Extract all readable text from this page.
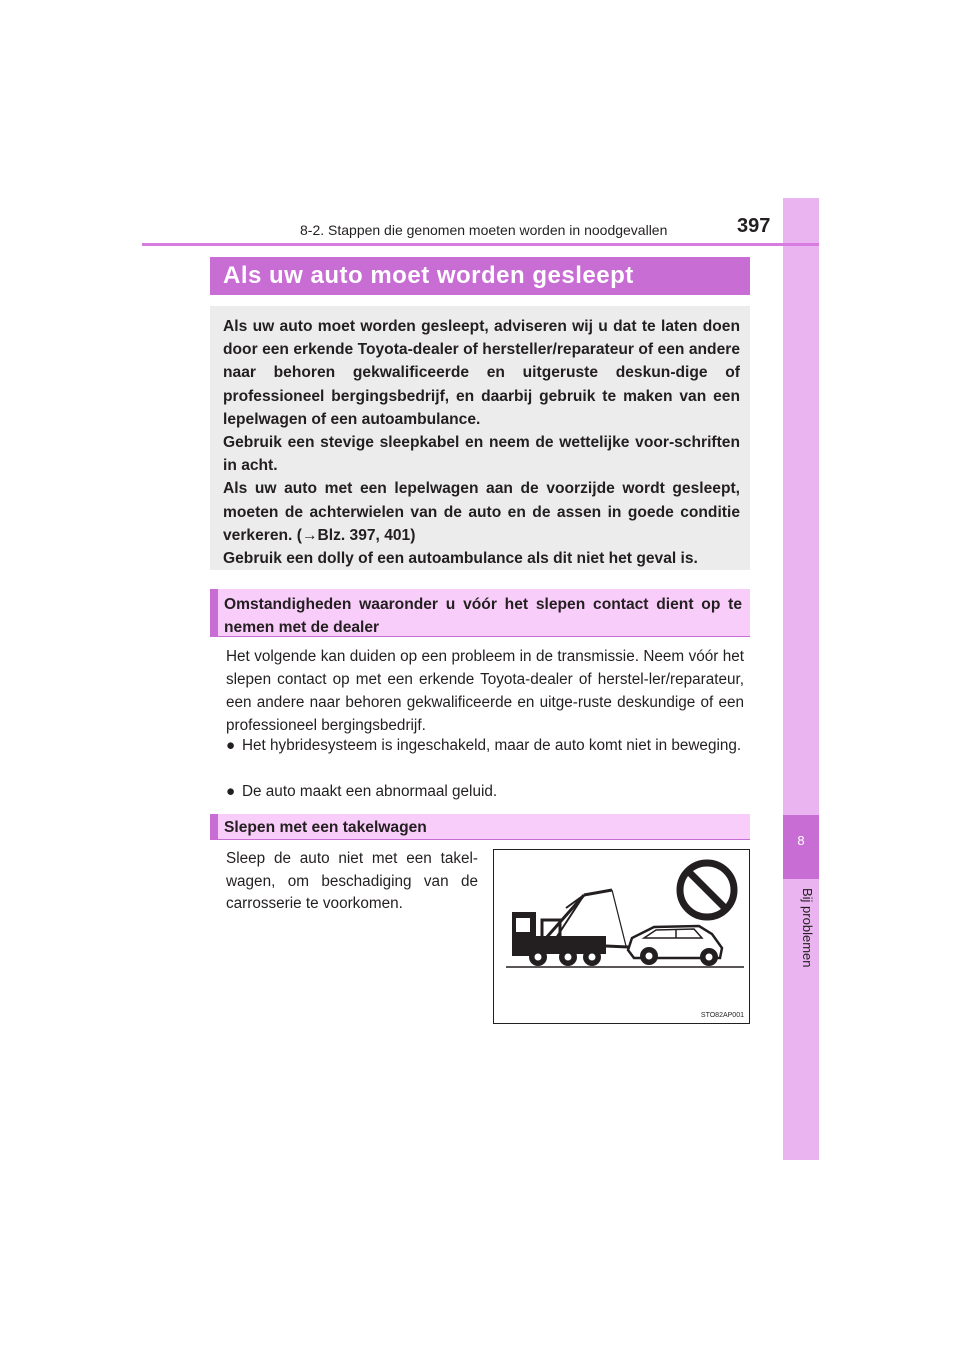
8
Bij problemen
8-2. Stappen die genomen moeten worden in noodgevallen	397
Als uw auto moet worden gesleept

Als uw auto moet worden gesleept, adviseren wij u dat te laten doen door een erkende Toyota-dealer of hersteller/reparateur of een andere naar behoren gekwalificeerde en uitgeruste deskun-dige of professioneel bergingsbedrijf, en daarbij gebruik te maken van een lepelwagen of een autoambulance.

Gebruik een stevige sleepkabel en neem de wettelijke voor-schriften in acht.

Als uw auto met een lepelwagen aan de voorzijde wordt gesleept, moeten de achterwielen van de auto en de assen in goede conditie verkeren. (→Blz. 397, 401)

Gebruik een dolly of een autoambulance als dit niet het geval is.

Omstandigheden waaronder u vóór het slepen contact dient op te nemen met de dealer

Het volgende kan duiden op een probleem in de transmissie. Neem vóór het slepen contact op met een erkende Toyota-dealer of herstel-ler/reparateur, een andere naar behoren gekwalificeerde en uitge-ruste deskundige of een professioneel bergingsbedrijf.

● Het hybridesysteem is ingeschakeld, maar de auto komt niet in beweging.
● De auto maakt een abnormaal geluid.
Slepen met een takelwagen

Sleep de auto niet met een takel-wagen, om beschadiging van de carrosserie te voorkomen.

STO82AP001
